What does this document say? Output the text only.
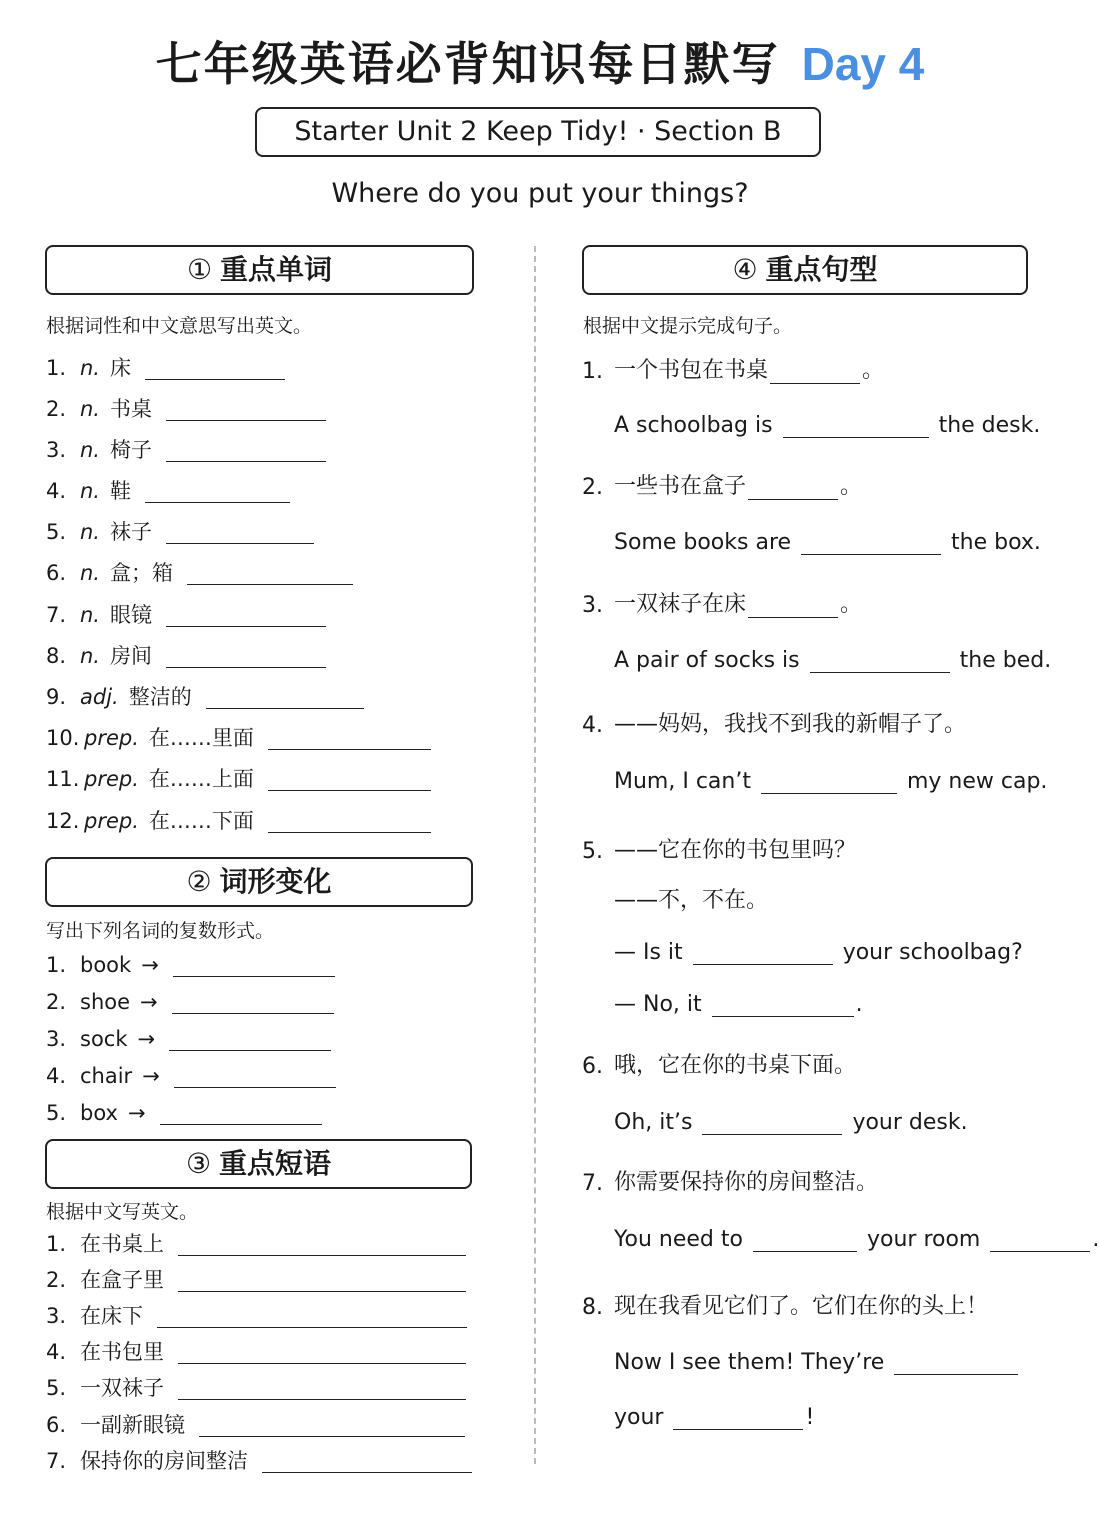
七年级英语必背知识每日默写 Day 4
Starter Unit 2 Keep Tidy! · Section B
Where do you put your things?
① 重点单词
根据词性和中文意思写出英文。
1. n. 床
2. n. 书桌
3. n. 椅子
4. n. 鞋
5. n. 袜子
6. n. 盒；箱
7. n. 眼镜
8. n. 房间
9. adj. 整洁的
10. prep. 在……里面
11. prep. 在……上面
12. prep. 在……下面
② 词形变化
写出下列名词的复数形式。
1. book →
2. shoe →
3. sock →
4. chair →
5. box →
③ 重点短语
根据中文写英文。
1. 在书桌上
2. 在盒子里
3. 在床下
4. 在书包里
5. 一双袜子
6. 一副新眼镜
7. 保持你的房间整洁
④ 重点句型
根据中文提示完成句子。
1. 一个书包在书桌	。
A schoolbag is	the desk.
2. 一些书在盒子	。
Some books are	the box.
3. 一双袜子在床	。
A pair of socks is	the bed.
4. ——妈妈，我找不到我的新帽子了。
Mum, I can’t	my new cap.
5. ——它在你的书包里吗？
——不，不在。
— Is it	your schoolbag?
— No, it	.
6. 哦，它在你的书桌下面。
Oh, it’s	your desk.
7. 你需要保持你的房间整洁。
You need to	your room	.
8. 现在我看见它们了。它们在你的头上！
Now I see them! They’re
your	!
